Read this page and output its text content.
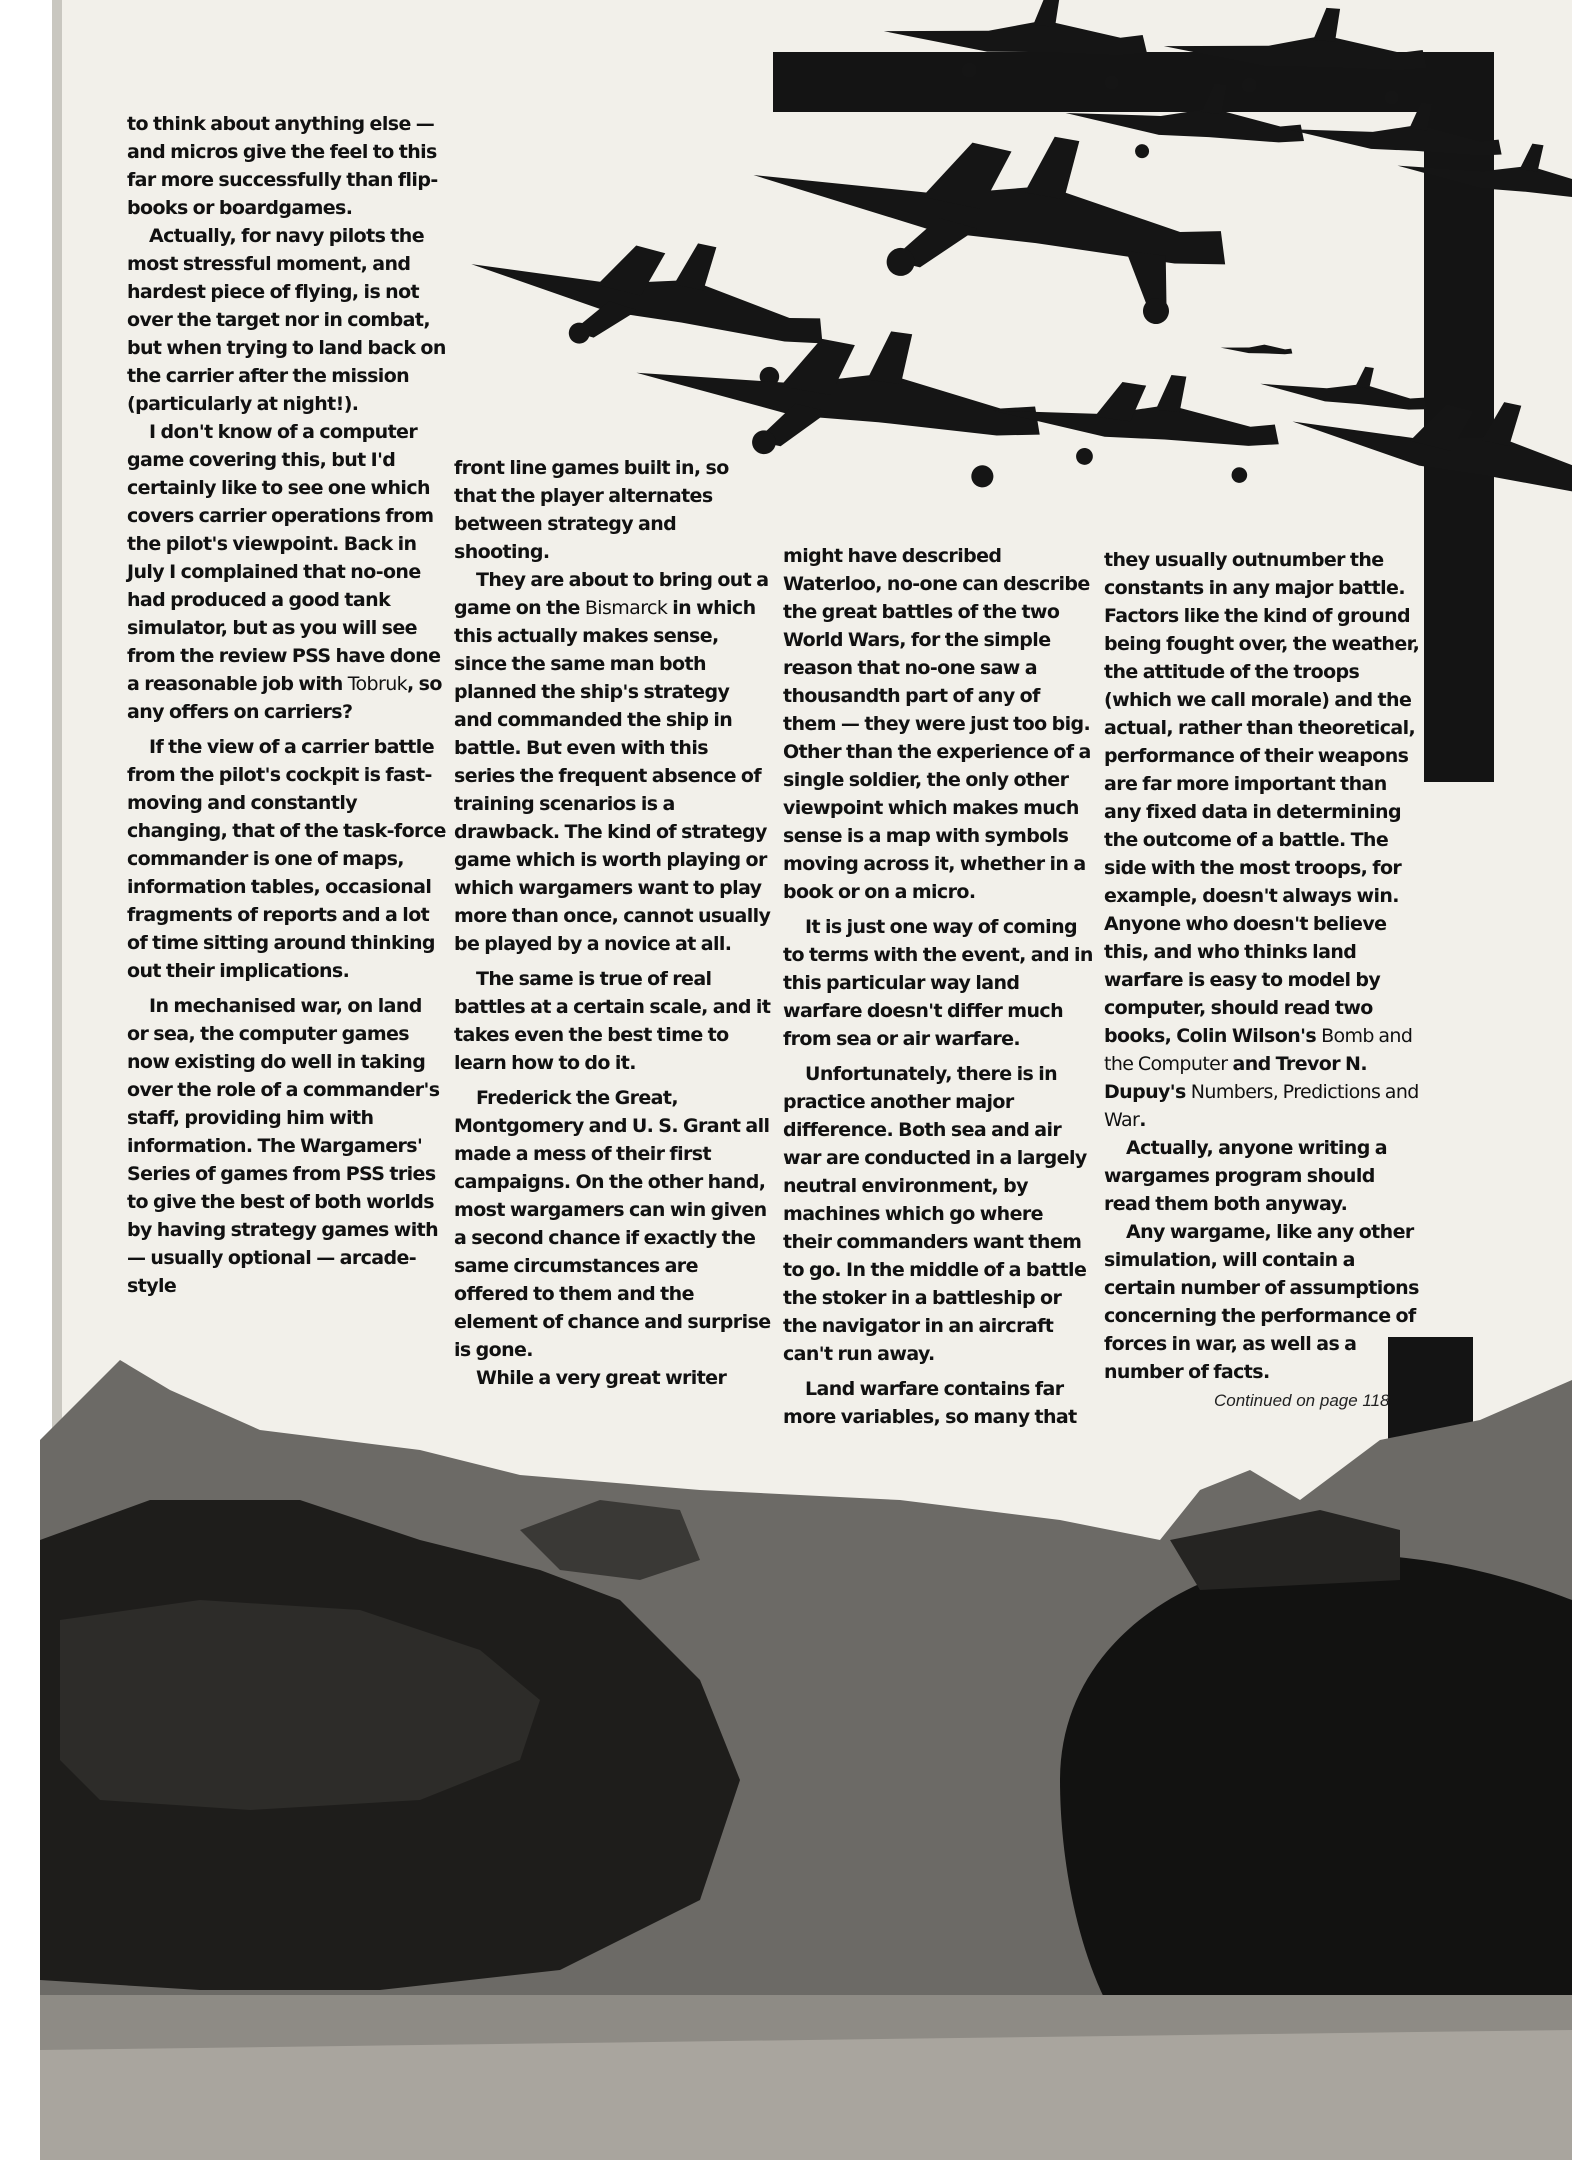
to think about anything else — and micros give the feel to this far more successfully than flip-books or boardgames.

Actually, for navy pilots the most stressful moment, and hardest piece of flying, is not over the target nor in combat, but when trying to land back on the carrier after the mission (particularly at night!).

I don't know of a computer game covering this, but I'd certainly like to see one which covers carrier operations from the pilot's viewpoint. Back in July I complained that no-one had produced a good tank simulator, but as you will see from the review PSS have done a reasonable job with Tobruk, so any offers on carriers?

If the view of a carrier battle from the pilot's cockpit is fast-moving and constantly changing, that of the task-force commander is one of maps, information tables, occasional fragments of reports and a lot of time sitting around thinking out their implications.

In mechanised war, on land or sea, the computer games now existing do well in taking over the role of a commander's staff, providing him with information. The Wargamers' Series of games from PSS tries to give the best of both worlds by having strategy games with — usually optional — arcade-style

front line games built in, so that the player alternates between strategy and shooting.

They are about to bring out a game on the Bismarck in which this actually makes sense, since the same man both planned the ship's strategy and commanded the ship in battle. But even with this series the frequent absence of training scenarios is a drawback. The kind of strategy game which is worth playing or which wargamers want to play more than once, cannot usually be played by a novice at all.

The same is true of real battles at a certain scale, and it takes even the best time to learn how to do it.

Frederick the Great, Montgomery and U. S. Grant all made a mess of their first campaigns. On the other hand, most wargamers can win given a second chance if exactly the same circumstances are offered to them and the element of chance and surprise is gone.

While a very great writer

might have described Waterloo, no-one can describe the great battles of the two World Wars, for the simple reason that no-one saw a thousandth part of any of them — they were just too big. Other than the experience of a single soldier, the only other viewpoint which makes much sense is a map with symbols moving across it, whether in a book or on a micro.

It is just one way of coming to terms with the event, and in this particular way land warfare doesn't differ much from sea or air warfare.

Unfortunately, there is in practice another major difference. Both sea and air war are conducted in a largely neutral environment, by machines which go where their commanders want them to go. In the middle of a battle the stoker in a battleship or the navigator in an aircraft can't run away.

Land warfare contains far more variables, so many that

they usually outnumber the constants in any major battle. Factors like the kind of ground being fought over, the weather, the attitude of the troops (which we call morale) and the actual, rather than theoretical, performance of their weapons are far more important than any fixed data in determining the outcome of a battle. The side with the most troops, for example, doesn't always win. Anyone who doesn't believe this, and who thinks land warfare is easy to model by computer, should read two books, Colin Wilson's Bomb and the Computer and Trevor N. Dupuy's Numbers, Predictions and War.

Actually, anyone writing a wargames program should read them both anyway.

Any wargame, like any other simulation, will contain a certain number of assumptions concerning the performance of forces in war, as well as a number of facts.

Continued on page 118
